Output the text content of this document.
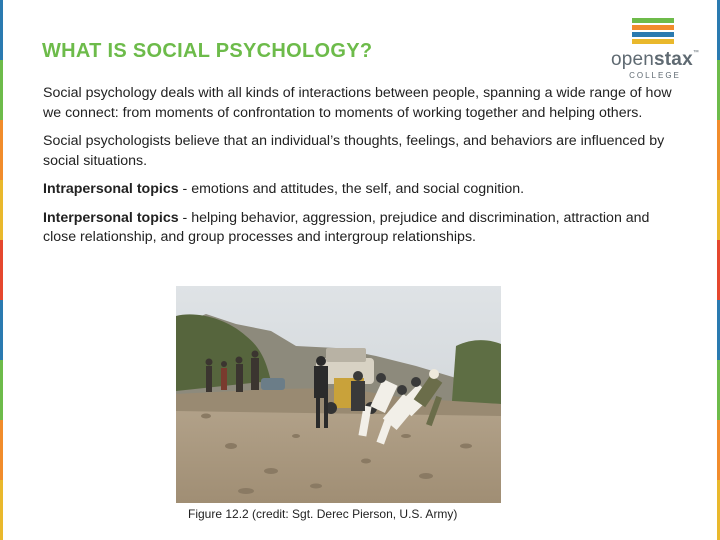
WHAT IS SOCIAL PSYCHOLOGY?	openstax™
COLLEGE

Social psychology deals with all kinds of interactions between people, spanning a wide range of how we connect: from moments of confrontation to moments of working together and helping others.

Social psychologists believe that an individual’s thoughts, feelings, and behaviors are influenced by social situations.

Intrapersonal topics - emotions and attitudes, the self, and social cognition.

Interpersonal topics - helping behavior, aggression, prejudice and discrimination, attraction and close relationship, and group processes and intergroup relationships.

Figure 12.2 (credit: Sgt. Derec Pierson, U.S. Army)
